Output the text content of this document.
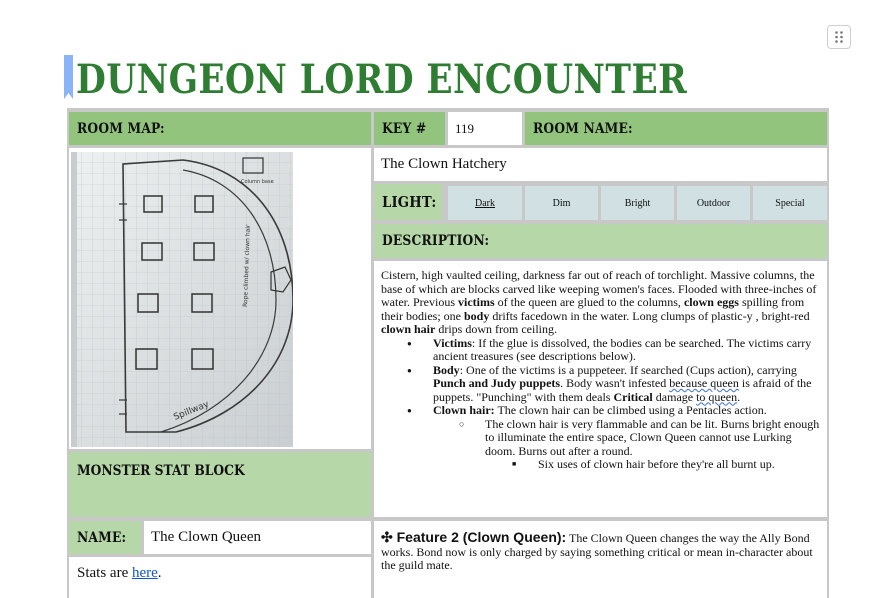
DUNGEON LORD ENCOUNTER
ROOM MAP:	KEY #	119	ROOM NAME:
Column base
Rope climbed w/ clown hair
Spillway
The Clown Hatchery
LIGHT:	Dark	Dim	Bright	Outdoor	Special
DESCRIPTION:

Cistern, high vaulted ceiling, darkness far out of reach of torchlight. Massive columns, the base of which are blocks carved like weeping women's faces. Flooded with three-inches of water. Previous victims of the queen are glued to the columns, clown eggs spilling from their bodies; one body drifts facedown in the water. Long clumps of plastic-y , bright-red clown hair drips down from ceiling.

● Victims: If the glue is dissolved, the bodies can be searched. The victims carry ancient treasures (see descriptions below).
● Body: One of the victims is a puppeteer. If searched (Cups action), carrying Punch and Judy puppets. Body wasn't infested because queen is afraid of the puppets. "Punching" with them deals Critical damage to queen.
● Clown hair: The clown hair can be climbed using a Pentacles action.
○ The clown hair is very flammable and can be lit. Burns bright enough to illuminate the entire space, Clown Queen cannot use Lurking doom. Burns out after a round.
■ Six uses of clown hair before they're all burnt up.
MONSTER STAT BLOCK
NAME:	The Clown Queen
Stats are here.
✣ Feature 2 (Clown Queen): The Clown Queen changes the way the Ally Bond works. Bond now is only charged by saying something critical or mean in-character about the guild mate.
